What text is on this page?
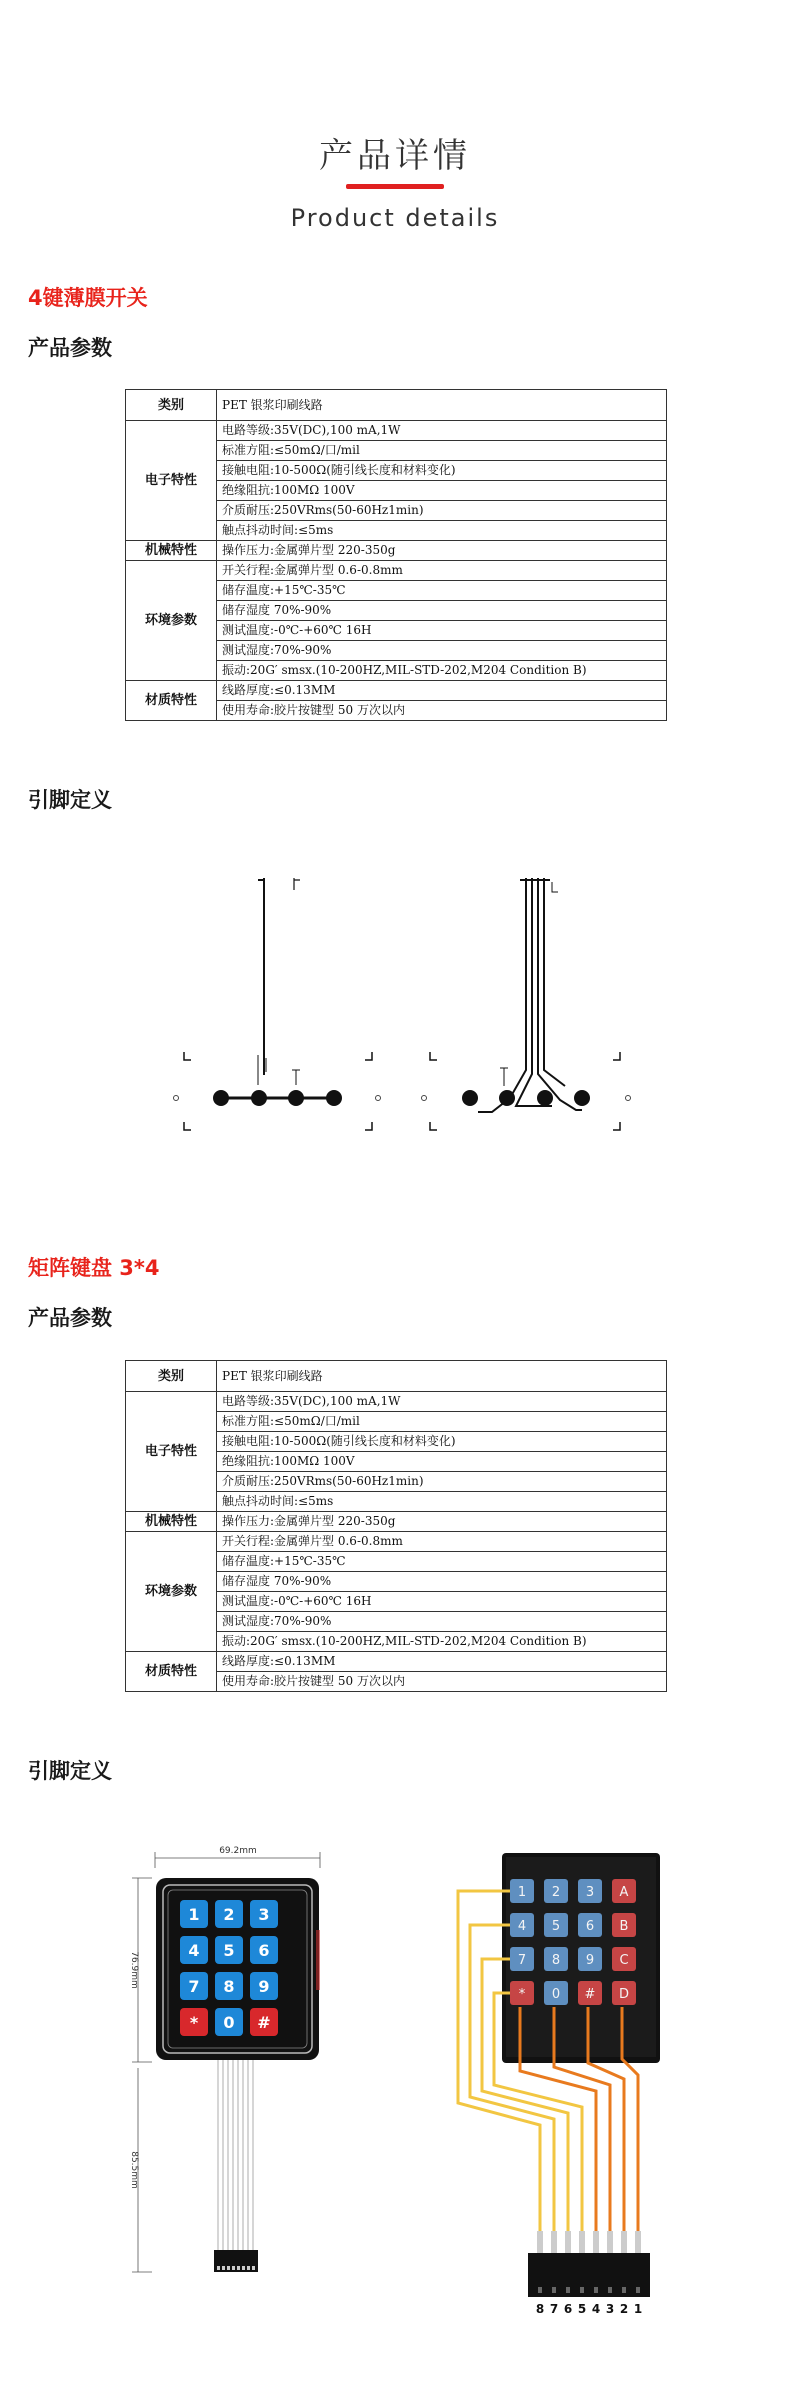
产品详情
Product details
4键薄膜开关
产品参数
类别	PET 银浆印刷线路
电子特性	电路等级:35V(DC),100 mA,1W
	标准方阻:≤50mΩ/口/mil
	接触电阻:10-500Ω(随引线长度和材料变化)
	绝缘阻抗:100MΩ 100V
	介质耐压:250VRms(50-60Hz1min)
	触点抖动时间:≤5ms
机械特性	操作压力:金属弹片型 220-350g
环境参数	开关行程:金属弹片型 0.6-0.8mm
	储存温度:+15℃-35℃
	储存湿度 70%-90%
	测试温度:-0℃-+60℃ 16H
	测试湿度:70%-90%
	振动:20G′ smsx.(10-200HZ,MIL-STD-202,M204 Condition B)
材质特性	线路厚度:≤0.13MM
	使用寿命:胶片按键型 50 万次以内
引脚定义
矩阵键盘 3*4
产品参数
类别	PET 银浆印刷线路
电子特性	电路等级:35V(DC),100 mA,1W
	标准方阻:≤50mΩ/口/mil
	接触电阻:10-500Ω(随引线长度和材料变化)
	绝缘阻抗:100MΩ 100V
	介质耐压:250VRms(50-60Hz1min)
	触点抖动时间:≤5ms
机械特性	操作压力:金属弹片型 220-350g
环境参数	开关行程:金属弹片型 0.6-0.8mm
	储存温度:+15℃-35℃
	储存湿度 70%-90%
	测试温度:-0℃-+60℃ 16H
	测试湿度:70%-90%
	振动:20G′ smsx.(10-200HZ,MIL-STD-202,M204 Condition B)
材质特性	线路厚度:≤0.13MM
	使用寿命:胶片按键型 50 万次以内
引脚定义
69.2mm
76.9mm
85.5mm
1 2 3
4 5 6
7 8 9
* 0 #
1 2 3 A
4 5 6 B
7 8 9 C
* 0 # D
8 7 6 5 4 3 2 1
